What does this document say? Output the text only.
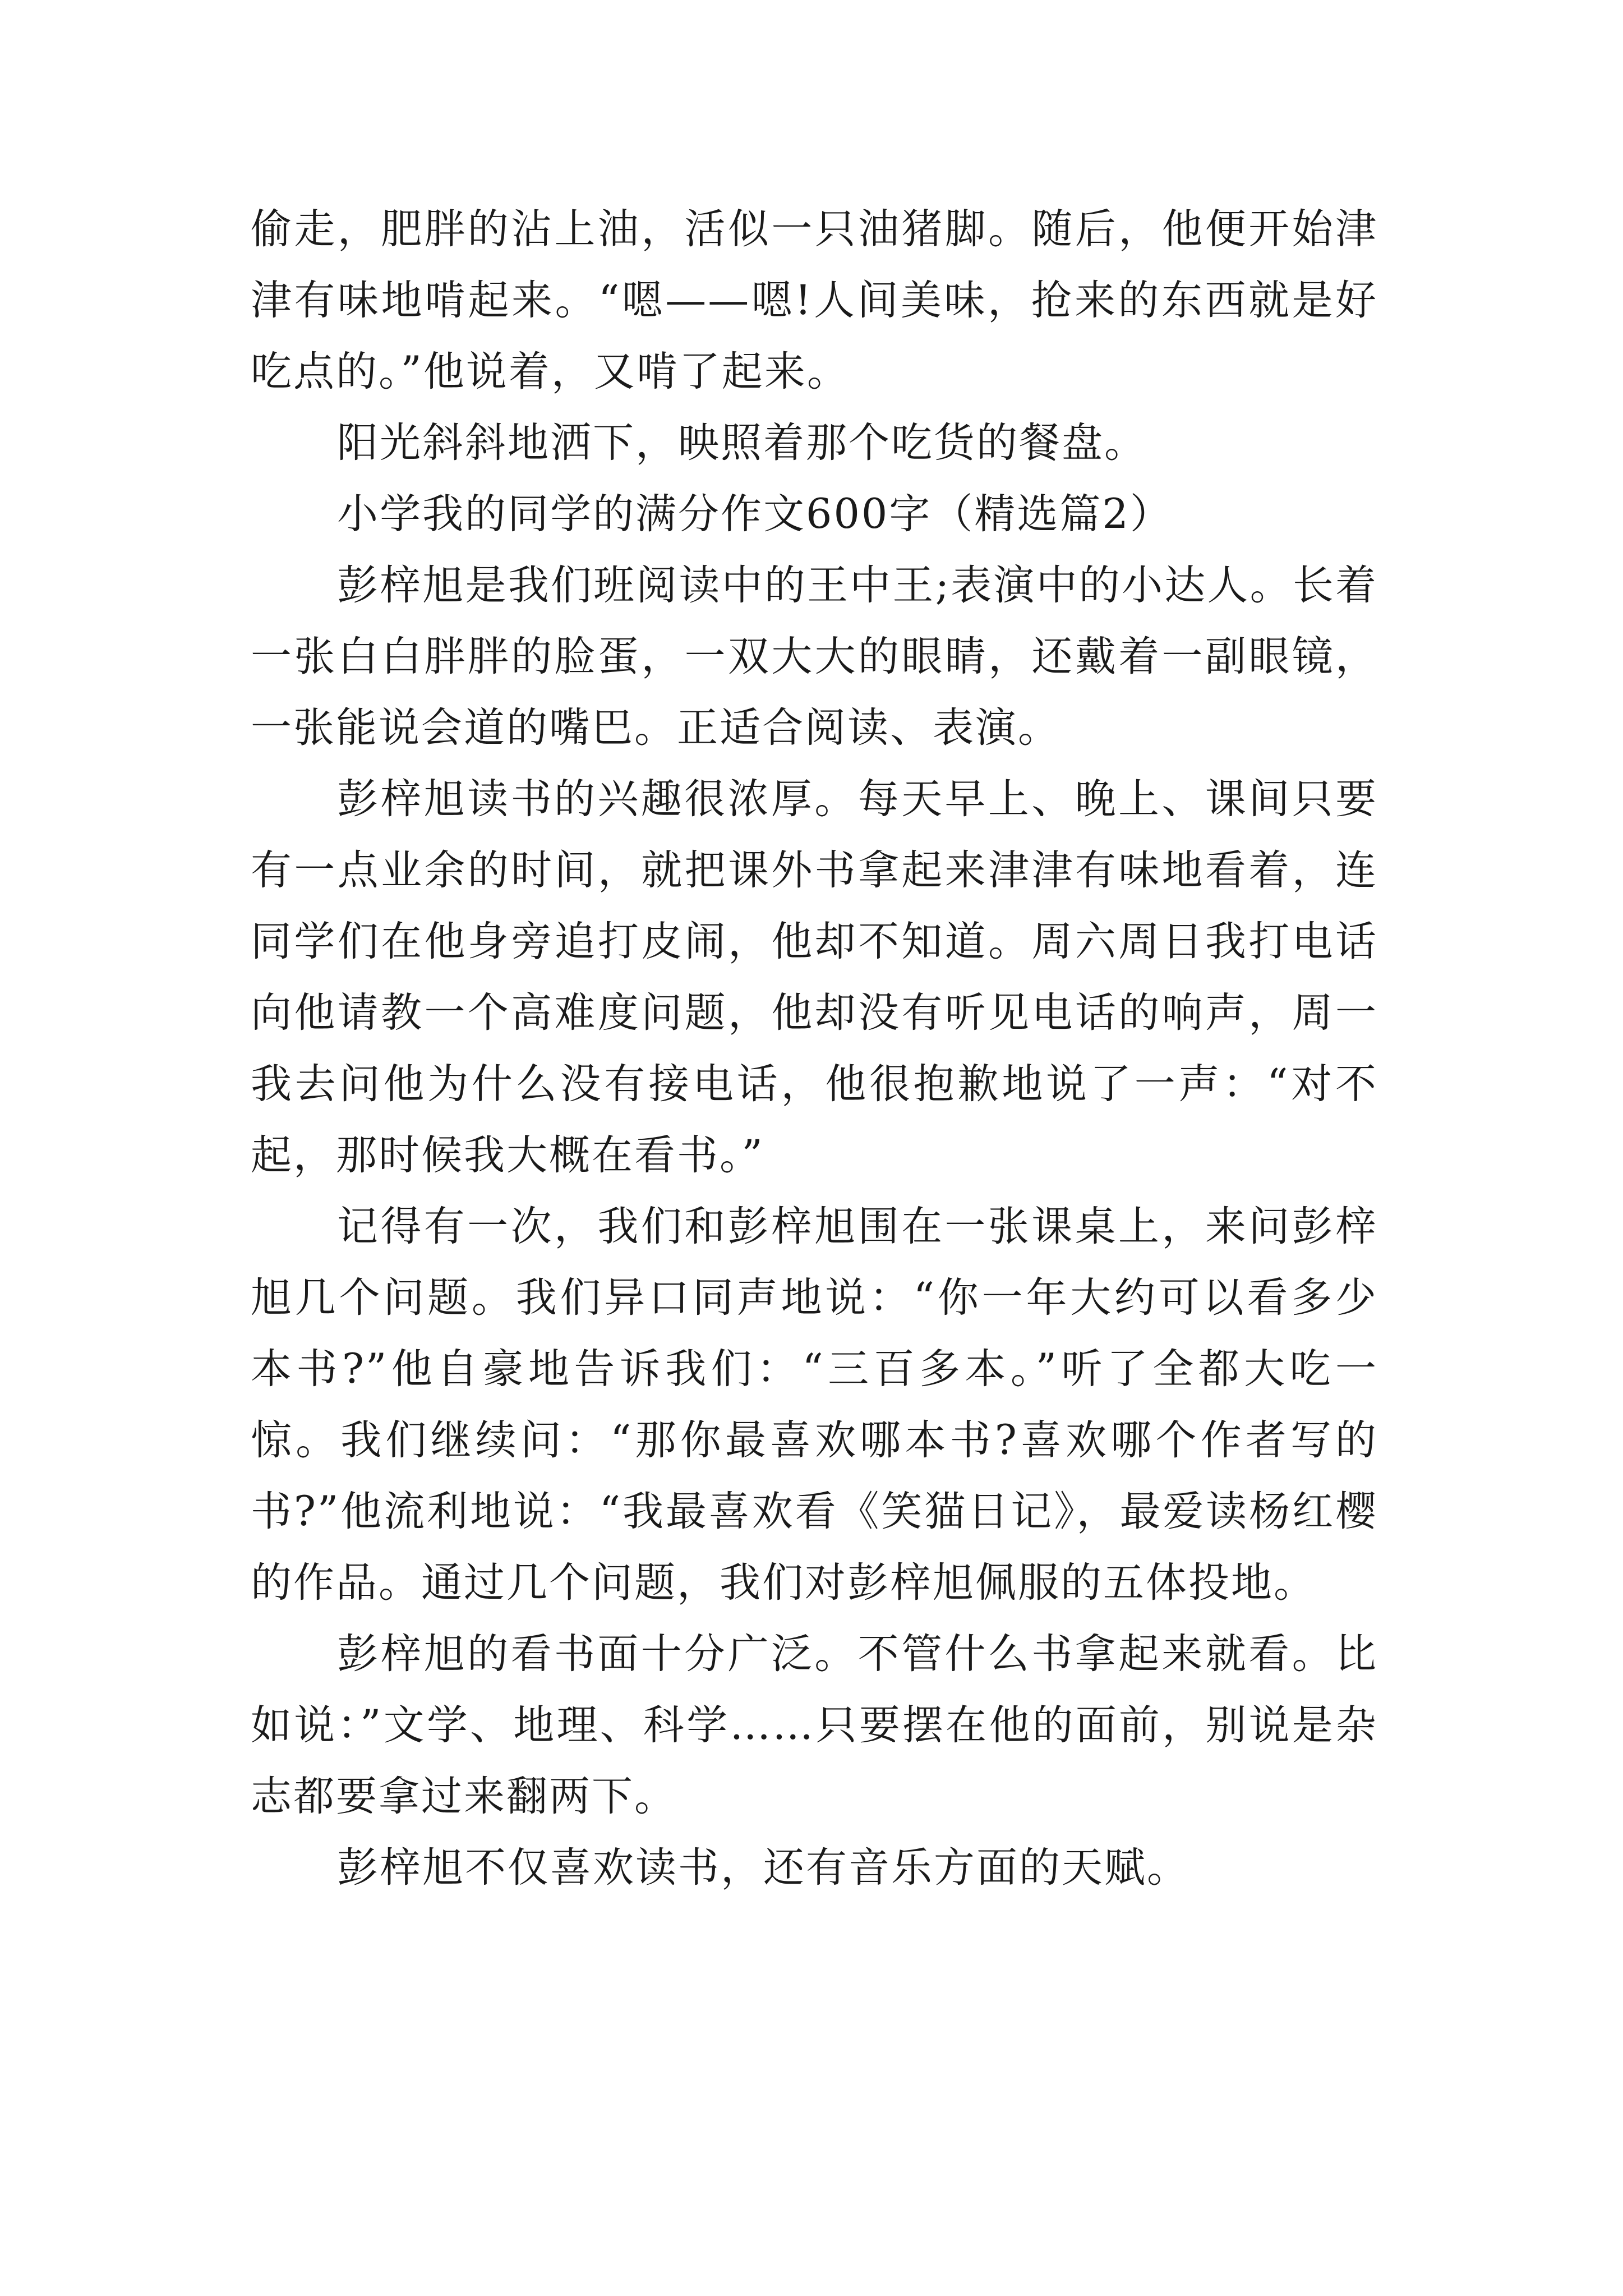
偷走，肥胖的沾上油，活似一只油猪脚。随后，他便开始津津有味地啃起来。“嗯——嗯!人间美味，抢来的东西就是好吃点的。”他说着，又啃了起来。

阳光斜斜地洒下，映照着那个吃货的餐盘。

小学我的同学的满分作文600字（精选篇2）

彭梓旭是我们班阅读中的王中王;表演中的小达人。长着一张白白胖胖的脸蛋，一双大大的眼睛，还戴着一副眼镜，一张能说会道的嘴巴。正适合阅读、表演。

彭梓旭读书的兴趣很浓厚。每天早上、晚上、课间只要有一点业余的时间，就把课外书拿起来津津有味地看着，连同学们在他身旁追打皮闹，他却不知道。周六周日我打电话向他请教一个高难度问题，他却没有听见电话的响声，周一我去问他为什么没有接电话，他很抱歉地说了一声：“对不起，那时候我大概在看书。”

记得有一次，我们和彭梓旭围在一张课桌上，来问彭梓旭几个问题。我们异口同声地说：“你一年大约可以看多少本书?”他自豪地告诉我们：“三百多本。”听了全都大吃一惊。我们继续问：“那你最喜欢哪本书?喜欢哪个作者写的书?”他流利地说：“我最喜欢看《笑猫日记》，最爱读杨红樱的作品。通过几个问题，我们对彭梓旭佩服的五体投地。

彭梓旭的看书面十分广泛。不管什么书拿起来就看。比如说：”文学、地理、科学……只要摆在他的面前，别说是杂志都要拿过来翻两下。

彭梓旭不仅喜欢读书，还有音乐方面的天赋。
